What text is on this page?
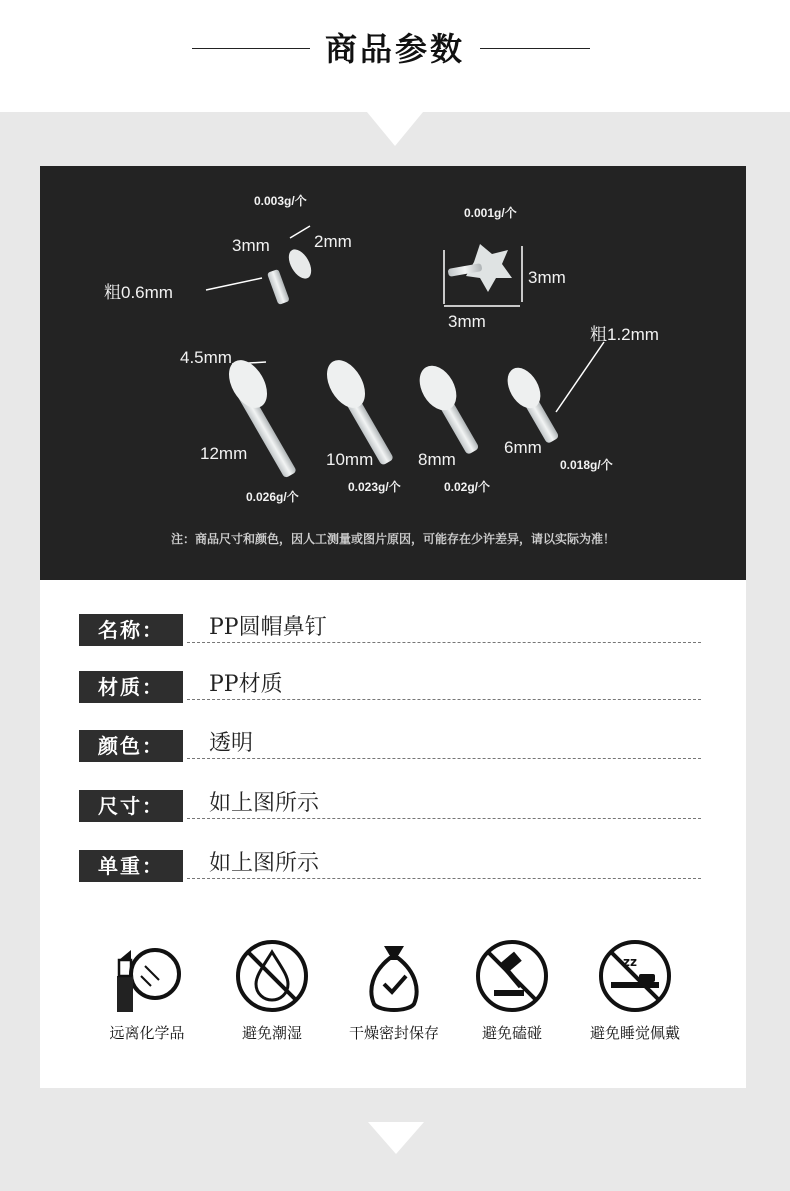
商品参数
0.003g/个
0.001g/个
3mm	2mm
粗0.6mm
3mm
3mm
粗1.2mm
4.5mm
12mm	10mm	8mm
6mm
0.018g/个
0.026g/个
0.023g/个	0.02g/个
注：商品尺寸和颜色，因人工测量或图片原因，可能存在少许差异，请以实际为准！
名称：	PP圆帽鼻钉
材质：	PP材质
颜色：	透明
尺寸：	如上图所示
单重：	如上图所示
远离化学品	避免潮湿	干燥密封保存	避免磕碰
zz
避免睡觉佩戴
